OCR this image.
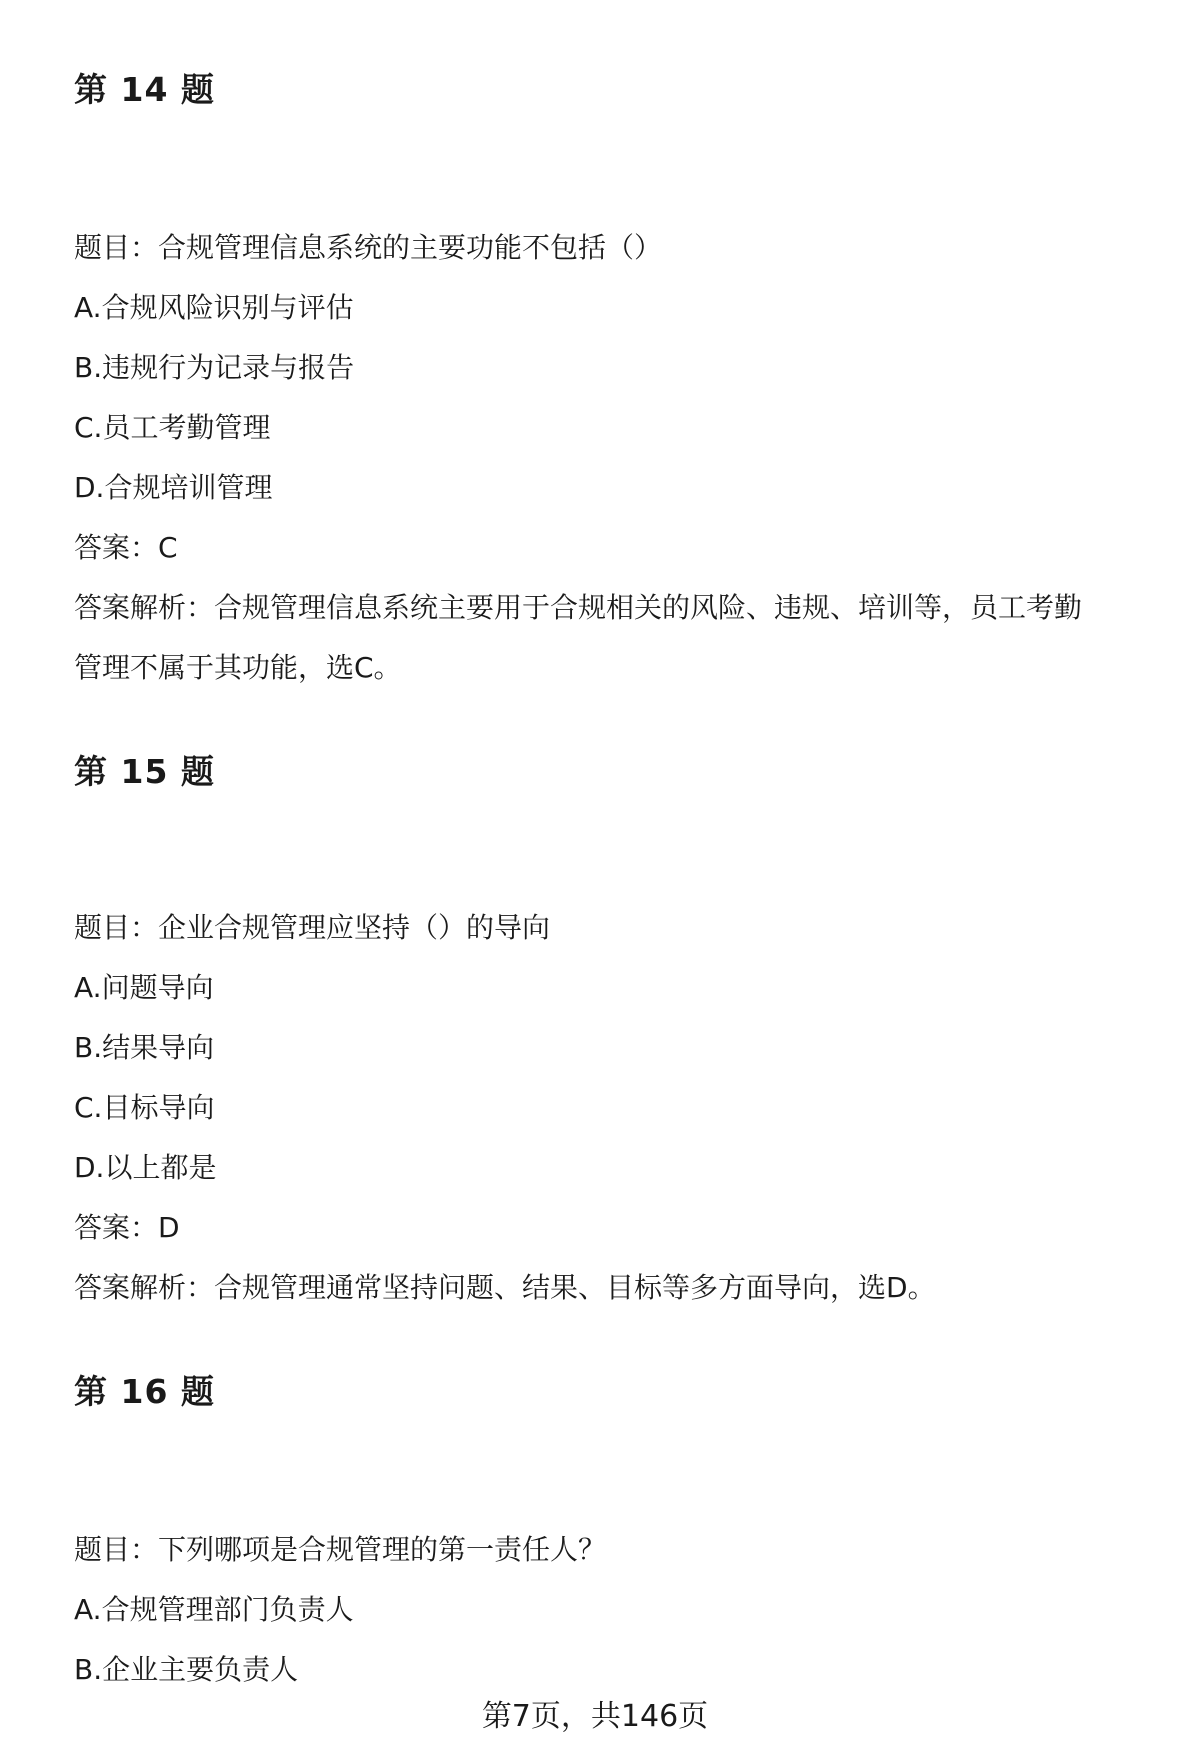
第 14 题
题目：合规管理信息系统的主要功能不包括（）
A.合规风险识别与评估
B.违规行为记录与报告
C.员工考勤管理
D.合规培训管理
答案：C
答案解析：合规管理信息系统主要用于合规相关的风险、违规、培训等，员工考勤
管理不属于其功能，选C。
第 15 题
题目：企业合规管理应坚持（）的导向
A.问题导向
B.结果导向
C.目标导向
D.以上都是
答案：D
答案解析：合规管理通常坚持问题、结果、目标等多方面导向，选D。
第 16 题
题目：下列哪项是合规管理的第一责任人？
A.合规管理部门负责人
B.企业主要负责人
第7页，共146页
